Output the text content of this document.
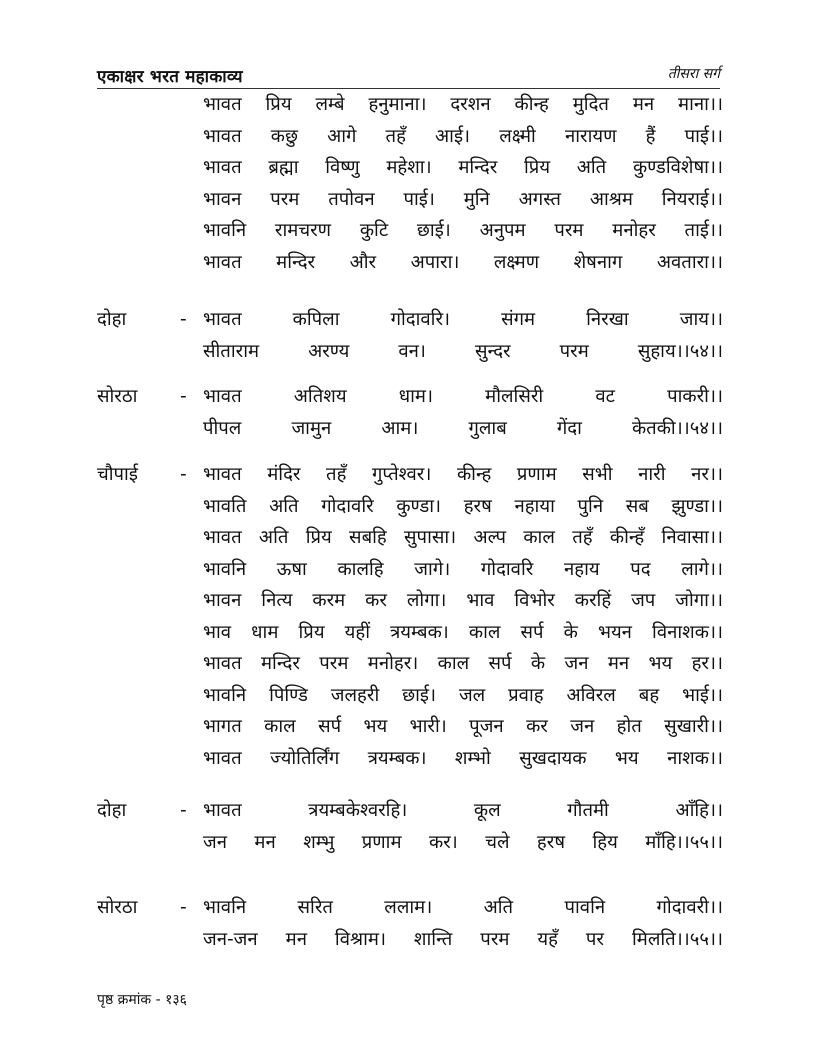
एकाक्षर भरत महाकाव्य	तीसरा सर्ग
भावत प्रिय लम्बे हनुमाना। दरशन कीन्ह मुदित मन माना।।
भावत कछु आगे तहँ आई। लक्ष्मी नारायण हैं पाई।।
भावत ब्रह्मा विष्णु महेशा। मन्दिर प्रिय अति कुण्डविशेषा।।
भावन परम तपोवन पाई। मुनि अगस्त आश्रम नियराई।।
भावनि रामचरण कुटि छाई। अनुपम परम मनोहर ताई।।
भावत मन्दिर और अपारा। लक्ष्मण शेषनाग अवतारा।।
दोहा	- भावत कपिला गोदावरि। संगम निरखा जाय।।
सीताराम अरण्य वन। सुन्दर परम सुहाय।।५४।।
सोरठा - भावत अतिशय धाम। मौलसिरी वट पाकरी।।
पीपल जामुन आम। गुलाब गेंदा केतकी।।५४।।
चौपाई - भावत मंदिर तहँ गुप्तेश्वर। कीन्ह प्रणाम सभी नारी नर।।
भावति अति गोदावरि कुण्डा। हरष नहाया पुनि सब झुण्डा।।
भावत अति प्रिय सबहि सुपासा। अल्प काल तहँ कीन्हँ निवासा।।
भावनि ऊषा कालहि जागे। गोदावरि नहाय पद लागे।।
भावन नित्य करम कर लोगा। भाव विभोर करहिं जप जोगा।।
भाव धाम प्रिय यहीं त्रयम्बक। काल सर्प के भयन विनाशक।।
भावत मन्दिर परम मनोहर। काल सर्प के जन मन भय हर।।
भावनि पिण्डि जलहरी छाई। जल प्रवाह अविरल बह भाई।।
भागत काल सर्प भय भारी। पूजन कर जन होत सुखारी।।
भावत ज्योतिर्लिंग त्रयम्बक। शम्भो सुखदायक भय नाशक।।
दोहा	- भावत त्रयम्बकेश्वरहि। कूल गौतमी आँहि।।
जन मन शम्भु प्रणाम कर। चले हरष हिय माँहि।।५५।।
सोरठा - भावनि सरित ललाम। अति पावनि गोदावरी।।
जन-जन मन विश्राम। शान्ति परम यहँ पर मिलति।।५५।।
पृष्ठ क्रमांक - १३६
